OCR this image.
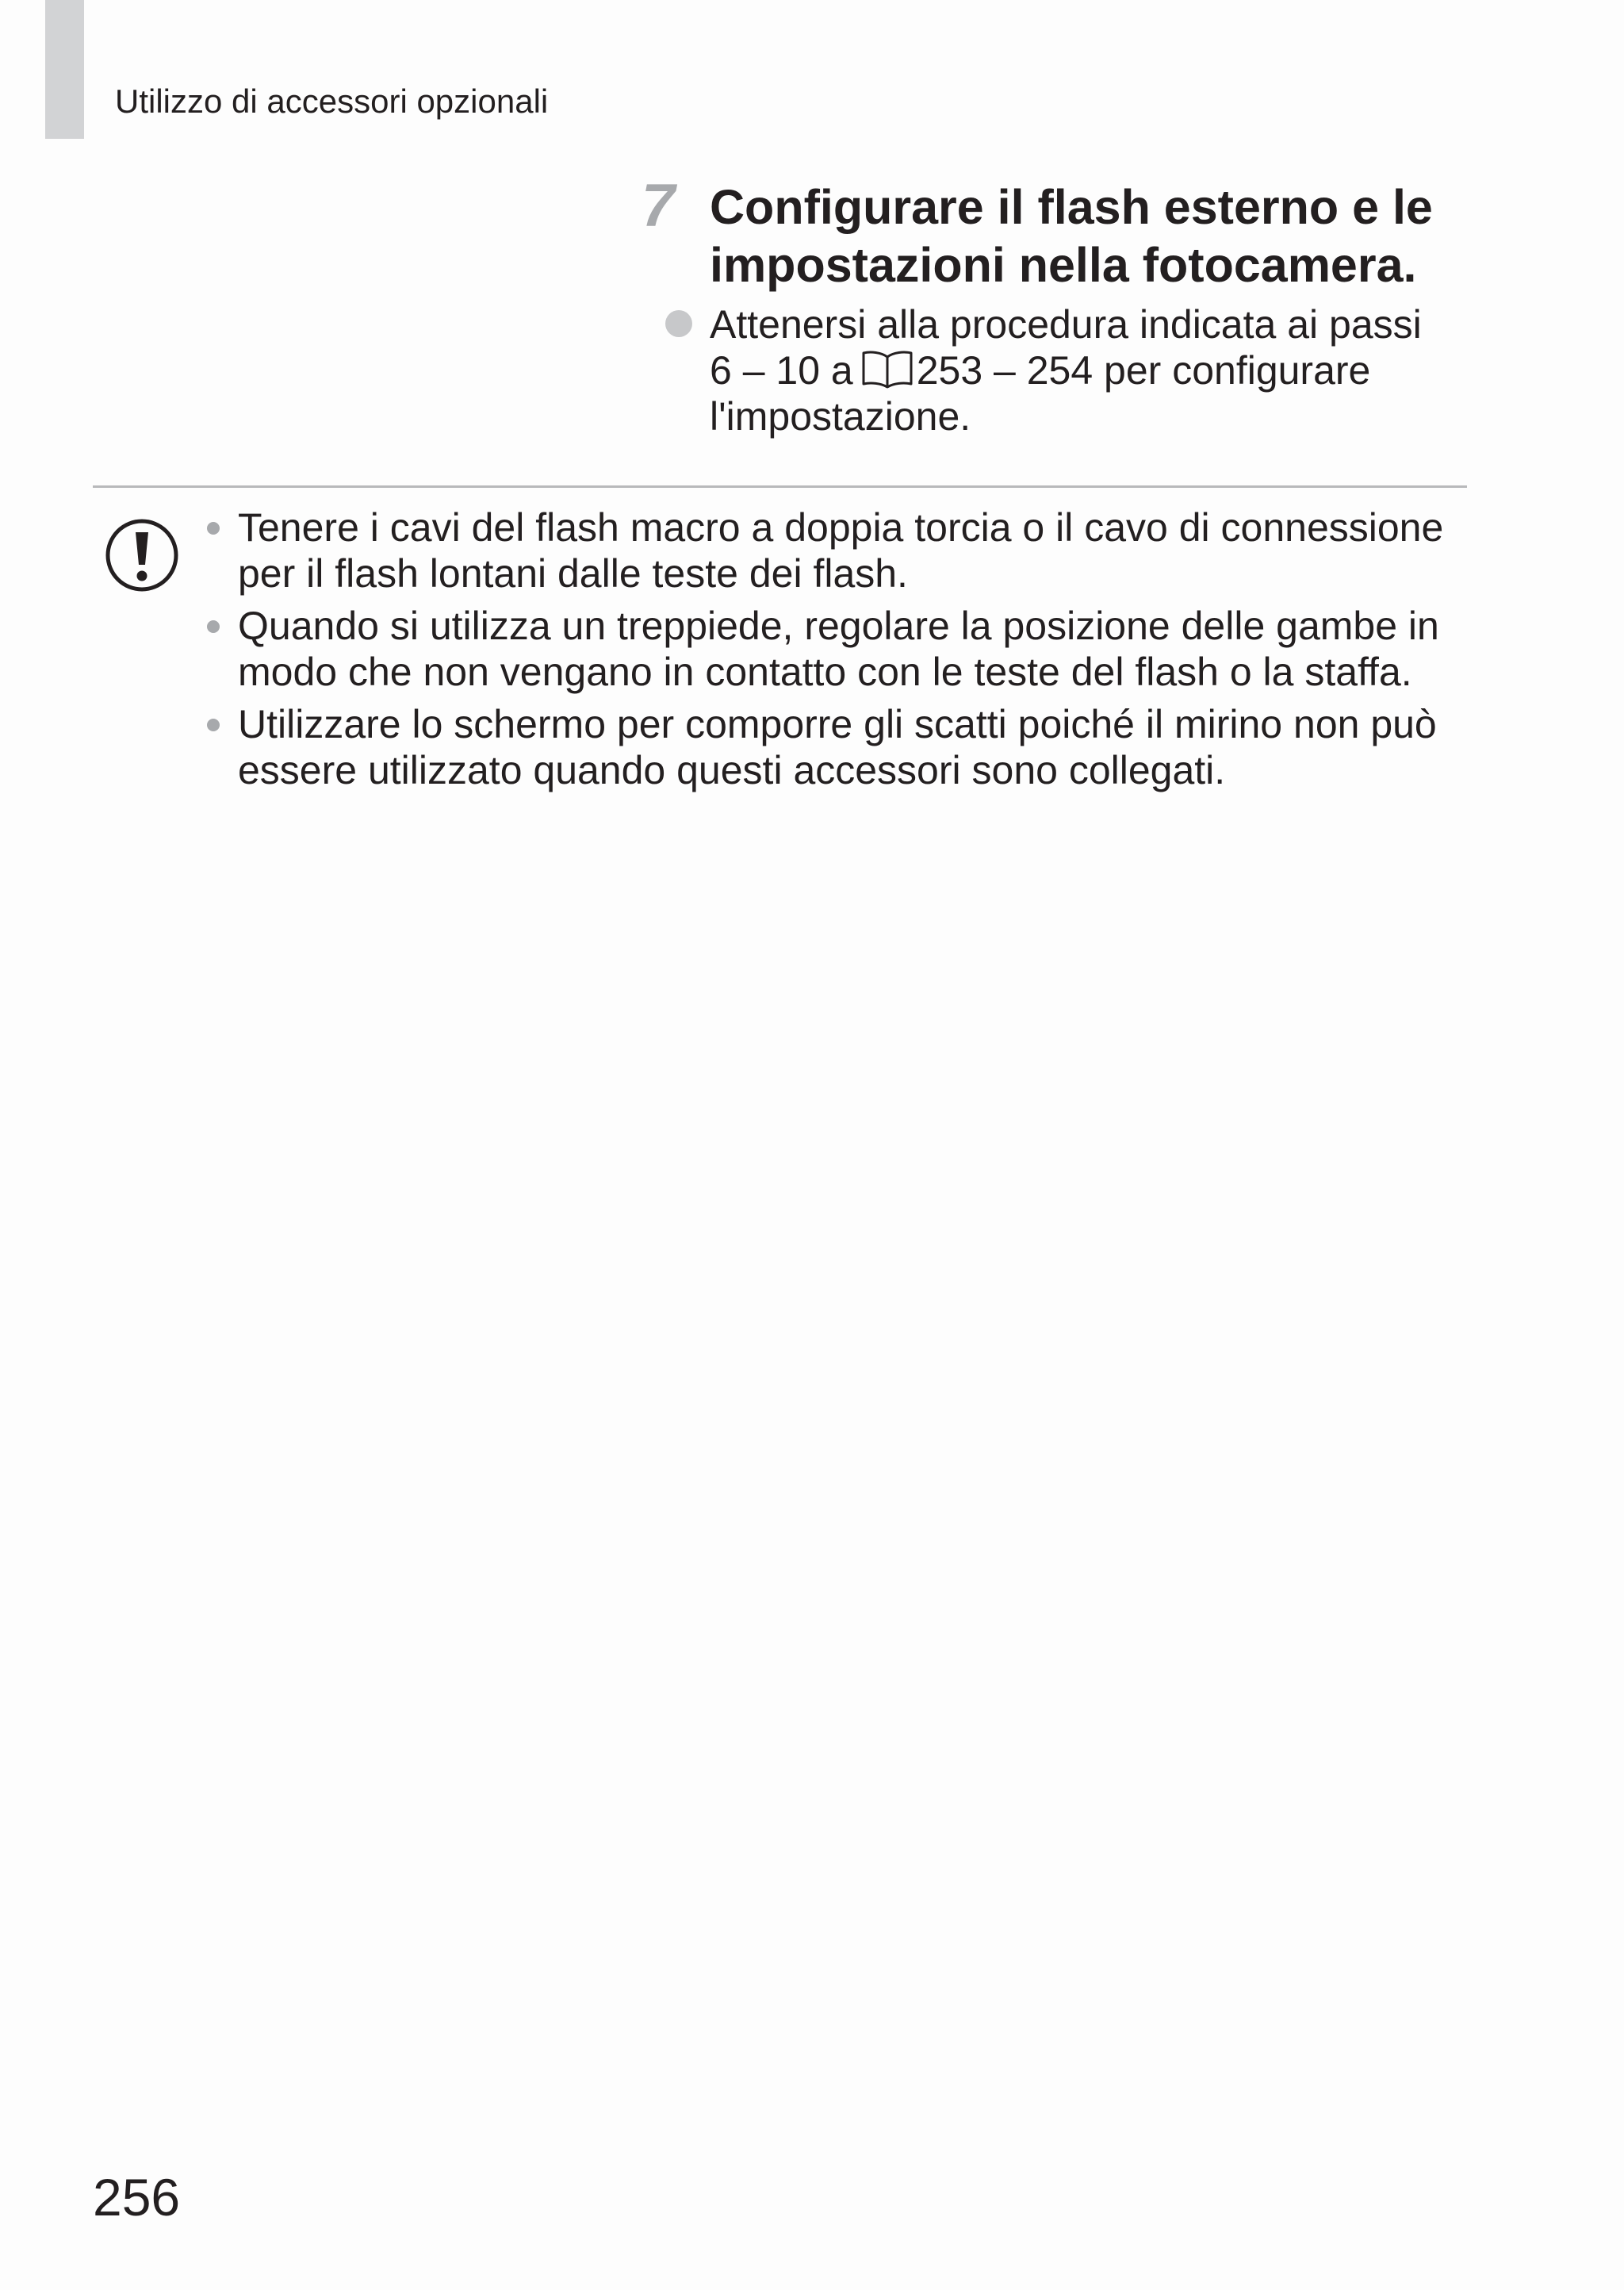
Utilizzo di accessori opzionali
7 Configurare il flash esterno e le impostazioni nella fotocamera.
Attenersi alla procedura indicata ai passi 6 – 10 a 253 – 254 per configurare l'impostazione.
Tenere i cavi del flash macro a doppia torcia o il cavo di connessione per il flash lontani dalle teste dei flash.
Quando si utilizza un treppiede, regolare la posizione delle gambe in modo che non vengano in contatto con le teste del flash o la staffa.
Utilizzare lo schermo per comporre gli scatti poiché il mirino non può essere utilizzato quando questi accessori sono collegati.
256
